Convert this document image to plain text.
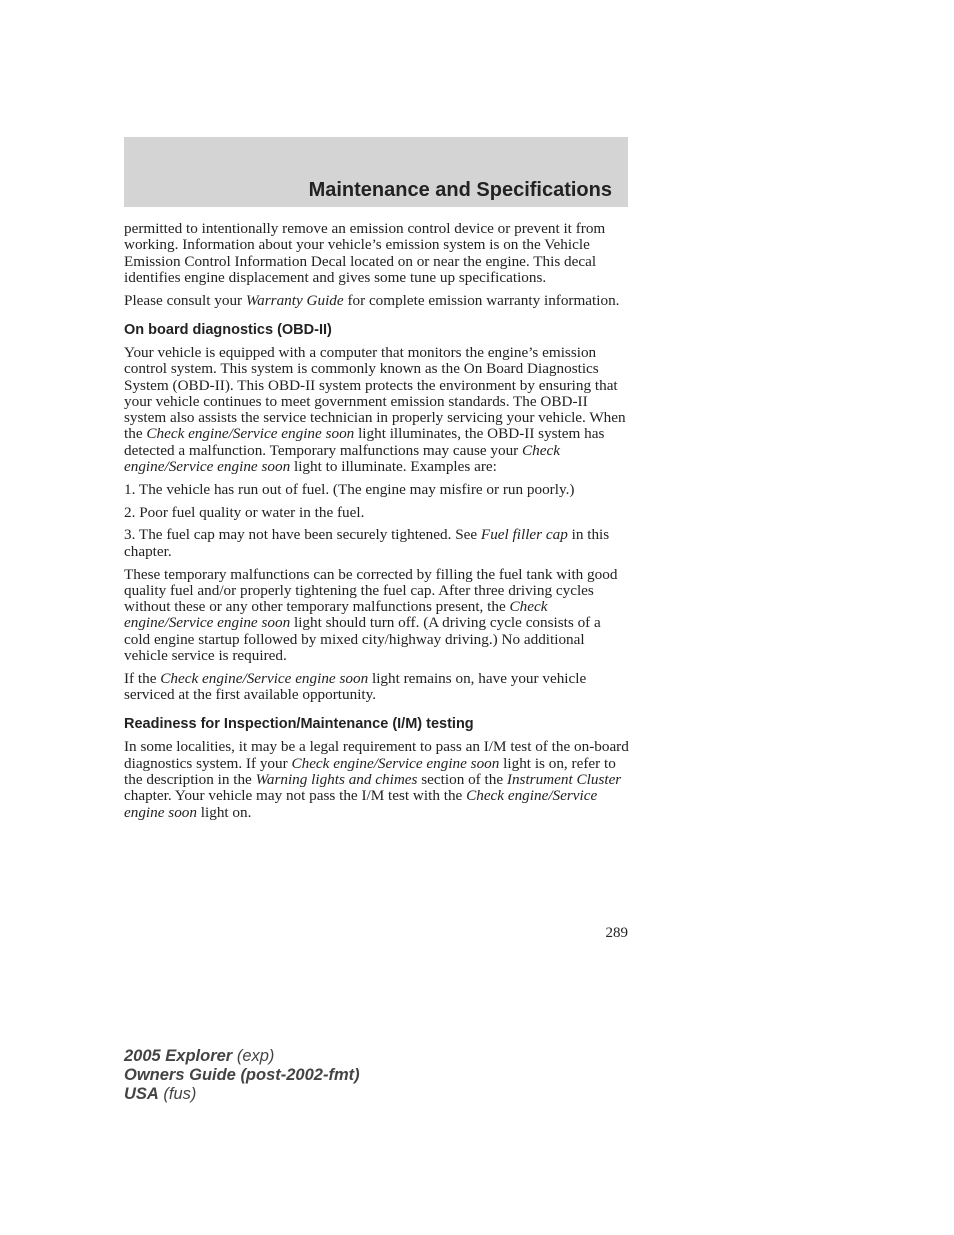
Maintenance and Specifications

permitted to intentionally remove an emission control device or prevent it from working. Information about your vehicle’s emission system is on the Vehicle Emission Control Information Decal located on or near the engine. This decal identifies engine displacement and gives some tune up specifications.

Please consult your Warranty Guide for complete emission warranty information.

On board diagnostics (OBD-II)

Your vehicle is equipped with a computer that monitors the engine’s emission control system. This system is commonly known as the On Board Diagnostics System (OBD-II). This OBD-II system protects the environment by ensuring that your vehicle continues to meet government emission standards. The OBD-II system also assists the service technician in properly servicing your vehicle. When the Check engine/Service engine soon light illuminates, the OBD-II system has detected a malfunction. Temporary malfunctions may cause your Check engine/Service engine soon light to illuminate. Examples are:

1. The vehicle has run out of fuel. (The engine may misfire or run poorly.)

2. Poor fuel quality or water in the fuel.

3. The fuel cap may not have been securely tightened. See Fuel filler cap in this chapter.

These temporary malfunctions can be corrected by filling the fuel tank with good quality fuel and/or properly tightening the fuel cap. After three driving cycles without these or any other temporary malfunctions present, the Check engine/Service engine soon light should turn off. (A driving cycle consists of a cold engine startup followed by mixed city/highway driving.) No additional vehicle service is required.

If the Check engine/Service engine soon light remains on, have your vehicle serviced at the first available opportunity.

Readiness for Inspection/Maintenance (I/M) testing

In some localities, it may be a legal requirement to pass an I/M test of the on-board diagnostics system. If your Check engine/Service engine soon light is on, refer to the description in the Warning lights and chimes section of the Instrument Cluster chapter. Your vehicle may not pass the I/M test with the Check engine/Service engine soon light on.

289
2005 Explorer (exp)
Owners Guide (post-2002-fmt)
USA (fus)
